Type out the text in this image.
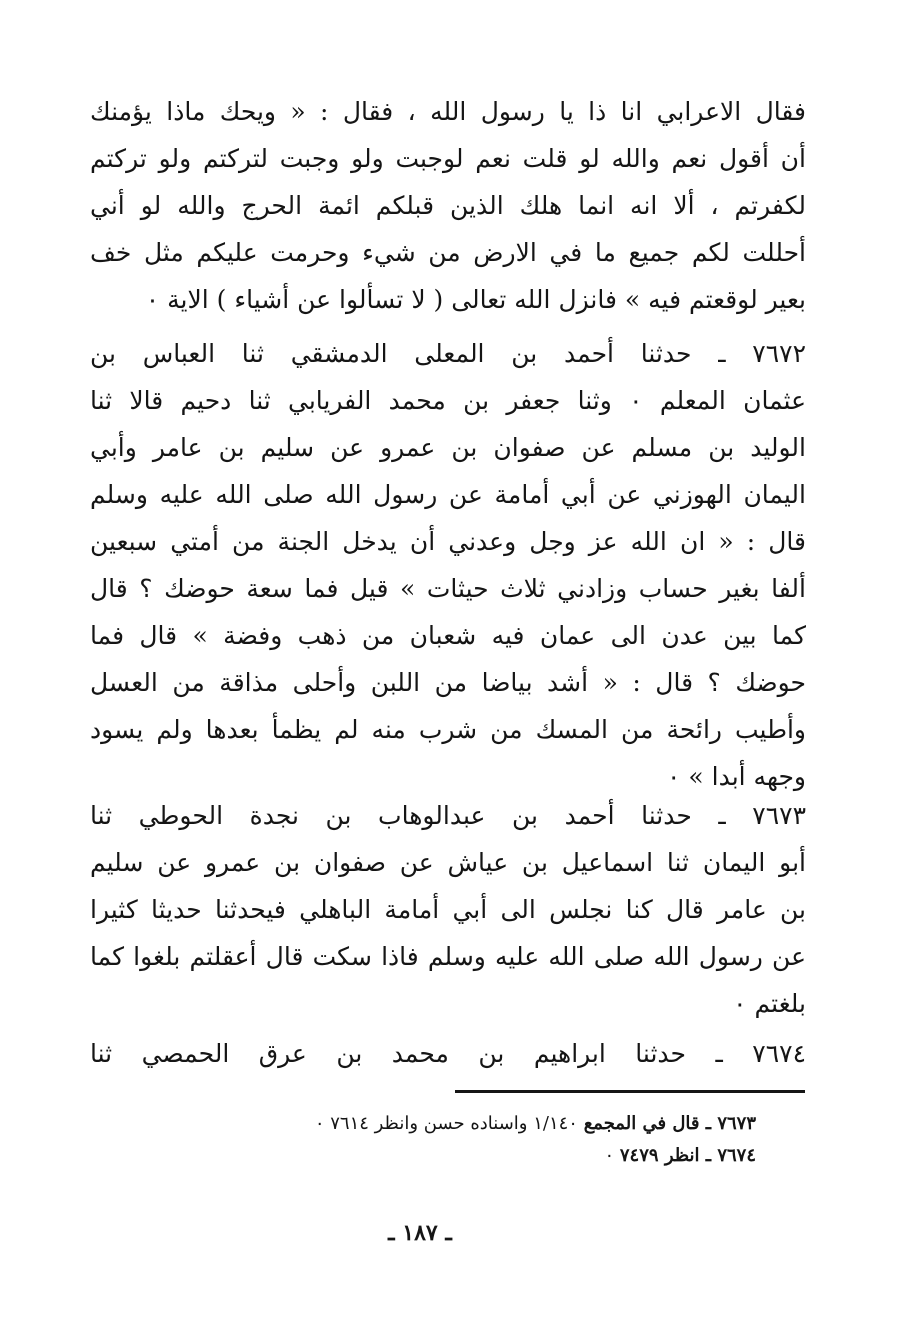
فقال الاعرابي انا ذا يا رسول الله ، فقال : « ويحك ماذا يؤمنك
أن أقول نعم والله لو قلت نعم لوجبت ولو وجبت لتركتم ولو تركتم
لكفرتم ، ألا انه انما هلك الذين قبلكم ائمة الحرج والله لو أني
أحللت لكم جميع ما في الارض من شيء وحرمت عليكم مثل خف
بعير لوقعتم فيه » فانزل الله تعالى ( لا تسألوا عن أشياء ) الاية ٠
٧٦٧٢ ـ حدثنا أحمد بن المعلى الدمشقي ثنا العباس بن
عثمان المعلم ٠ وثنا جعفر بن محمد الفريابي ثنا دحيم قالا ثنا
الوليد بن مسلم عن صفوان بن عمرو عن سليم بن عامر وأبي
اليمان الهوزني عن أبي أمامة عن رسول الله صلى الله عليه وسلم
قال : « ان الله عز وجل وعدني أن يدخل الجنة من أمتي سبعين
ألفا بغير حساب وزادني ثلاث حيثات » قيل فما سعة حوضك ؟ قال
كما بين عدن الى عمان فيه شعبان من ذهب وفضة » قال فما
حوضك ؟ قال : « أشد بياضا من اللبن وأحلى مذاقة من العسل
وأطيب رائحة من المسك من شرب منه لم يظمأ بعدها ولم يسود
وجهه أبدا » ٠
٧٦٧٣ ـ حدثنا أحمد بن عبدالوهاب بن نجدة الحوطي ثنا
أبو اليمان ثنا اسماعيل بن عياش عن صفوان بن عمرو عن سليم
بن عامر قال كنا نجلس الى أبي أمامة الباهلي فيحدثنا حديثا كثيرا
عن رسول الله صلى الله عليه وسلم فاذا سكت قال أعقلتم بلغوا كما
بلغتم ٠
٧٦٧٤ ـ حدثنا ابراهيم بن محمد بن عرق الحمصي ثنا
٧٦٧٣ ـ قال في المجمع ١/١٤٠ واسناده حسن وانظر ٧٦١٤ ٠
٧٦٧٤ ـ انظر ٧٤٧٩ ٠
ـ ١٨٧ ـ
